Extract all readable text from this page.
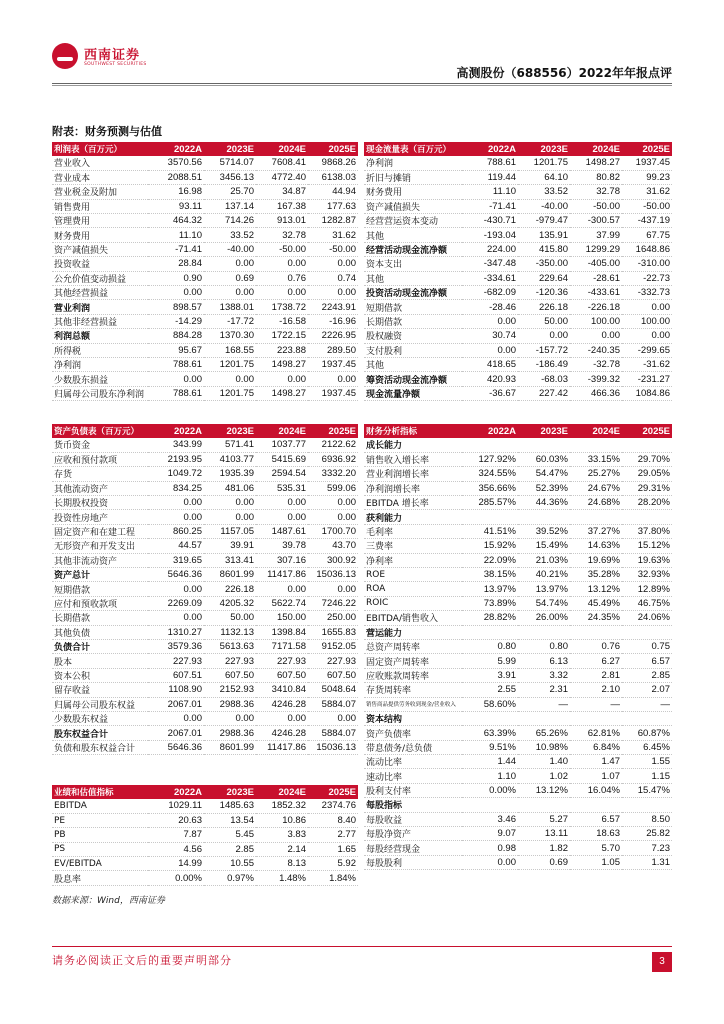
西南证券
SOUTHWEST SECURITIES
高测股份（688556）2022年年报点评
附表：财务预测与估值
利润表（百万元）	2022A	2023E	2024E	2025E
营业收入	3570.56	5714.07	7608.41	9868.26
营业成本	2088.51	3456.13	4772.40	6138.03
营业税金及附加	16.98	25.70	34.87	44.94
销售费用	93.11	137.14	167.38	177.63
管理费用	464.32	714.26	913.01	1282.87
财务费用	11.10	33.52	32.78	31.62
资产减值损失	-71.41	-40.00	-50.00	-50.00
投资收益	28.84	0.00	0.00	0.00
公允价值变动损益	0.90	0.69	0.76	0.74
其他经营损益	0.00	0.00	0.00	0.00
营业利润	898.57	1388.01	1738.72	2243.91
其他非经营损益	-14.29	-17.72	-16.58	-16.96
利润总额	884.28	1370.30	1722.15	2226.95
所得税	95.67	168.55	223.88	289.50
净利润	788.61	1201.75	1498.27	1937.45
少数股东损益	0.00	0.00	0.00	0.00
归属母公司股东净利润	788.61	1201.75	1498.27	1937.45
现金流量表（百万元）	2022A	2023E	2024E	2025E
净利润	788.61	1201.75	1498.27	1937.45
折旧与摊销	119.44	64.10	80.82	99.23
财务费用	11.10	33.52	32.78	31.62
资产减值损失	-71.41	-40.00	-50.00	-50.00
经营营运资本变动	-430.71	-979.47	-300.57	-437.19
其他	-193.04	135.91	37.99	67.75
经营活动现金流净额	224.00	415.80	1299.29	1648.86
资本支出	-347.48	-350.00	-405.00	-310.00
其他	-334.61	229.64	-28.61	-22.73
投资活动现金流净额	-682.09	-120.36	-433.61	-332.73
短期借款	-28.46	226.18	-226.18	0.00
长期借款	0.00	50.00	100.00	100.00
股权融资	30.74	0.00	0.00	0.00
支付股利	0.00	-157.72	-240.35	-299.65
其他	418.65	-186.49	-32.78	-31.62
筹资活动现金流净额	420.93	-68.03	-399.32	-231.27
现金流量净额	-36.67	227.42	466.36	1084.86
资产负债表（百万元）	2022A	2023E	2024E	2025E
货币资金	343.99	571.41	1037.77	2122.62
应收和预付款项	2193.95	4103.77	5415.69	6936.92
存货	1049.72	1935.39	2594.54	3332.20
其他流动资产	834.25	481.06	535.31	599.06
长期股权投资	0.00	0.00	0.00	0.00
投资性房地产	0.00	0.00	0.00	0.00
固定资产和在建工程	860.25	1157.05	1487.61	1700.70
无形资产和开发支出	44.57	39.91	39.78	43.70
其他非流动资产	319.65	313.41	307.16	300.92
资产总计	5646.36	8601.99	11417.86	15036.13
短期借款	0.00	226.18	0.00	0.00
应付和预收款项	2269.09	4205.32	5622.74	7246.22
长期借款	0.00	50.00	150.00	250.00
其他负债	1310.27	1132.13	1398.84	1655.83
负债合计	3579.36	5613.63	7171.58	9152.05
股本	227.93	227.93	227.93	227.93
资本公积	607.51	607.50	607.50	607.50
留存收益	1108.90	2152.93	3410.84	5048.64
归属母公司股东权益	2067.01	2988.36	4246.28	5884.07
少数股东权益	0.00	0.00	0.00	0.00
股东权益合计	2067.01	2988.36	4246.28	5884.07
负债和股东权益合计	5646.36	8601.99	11417.86	15036.13
财务分析指标	2022A	2023E	2024E	2025E
成长能力				
销售收入增长率	127.92%	60.03%	33.15%	29.70%
营业利润增长率	324.55%	54.47%	25.27%	29.05%
净利润增长率	356.66%	52.39%	24.67%	29.31%
EBITDA 增长率	285.57%	44.36%	24.68%	28.20%
获利能力				
毛利率	41.51%	39.52%	37.27%	37.80%
三费率	15.92%	15.49%	14.63%	15.12%
净利率	22.09%	21.03%	19.69%	19.63%
ROE	38.15%	40.21%	35.28%	32.93%
ROA	13.97%	13.97%	13.12%	12.89%
ROIC	73.89%	54.74%	45.49%	46.75%
EBITDA/销售收入	28.82%	26.00%	24.35%	24.06%
营运能力				
总资产周转率	0.80	0.80	0.76	0.75
固定资产周转率	5.99	6.13	6.27	6.57
应收账款周转率	3.91	3.32	2.81	2.85
存货周转率	2.55	2.31	2.10	2.07
销售商品提供劳务收到现金/营业收入	58.60%	—	—	—
资本结构				
资产负债率	63.39%	65.26%	62.81%	60.87%
带息债务/总负债	9.51%	10.98%	6.84%	6.45%
流动比率	1.44	1.40	1.47	1.55
速动比率	1.10	1.02	1.07	1.15
股利支付率	0.00%	13.12%	16.04%	15.47%
每股指标				
每股收益	3.46	5.27	6.57	8.50
每股净资产	9.07	13.11	18.63	25.82
每股经营现金	0.98	1.82	5.70	7.23
每股股利	0.00	0.69	1.05	1.31
业绩和估值指标	2022A	2023E	2024E	2025E
EBITDA	1029.11	1485.63	1852.32	2374.76
PE	20.63	13.54	10.86	8.40
PB	7.87	5.45	3.83	2.77
PS	4.56	2.85	2.14	1.65
EV/EBITDA	14.99	10.55	8.13	5.92
股息率	0.00%	0.97%	1.48%	1.84%
数据来源：Wind，西南证券
请务必阅读正文后的重要声明部分	3
